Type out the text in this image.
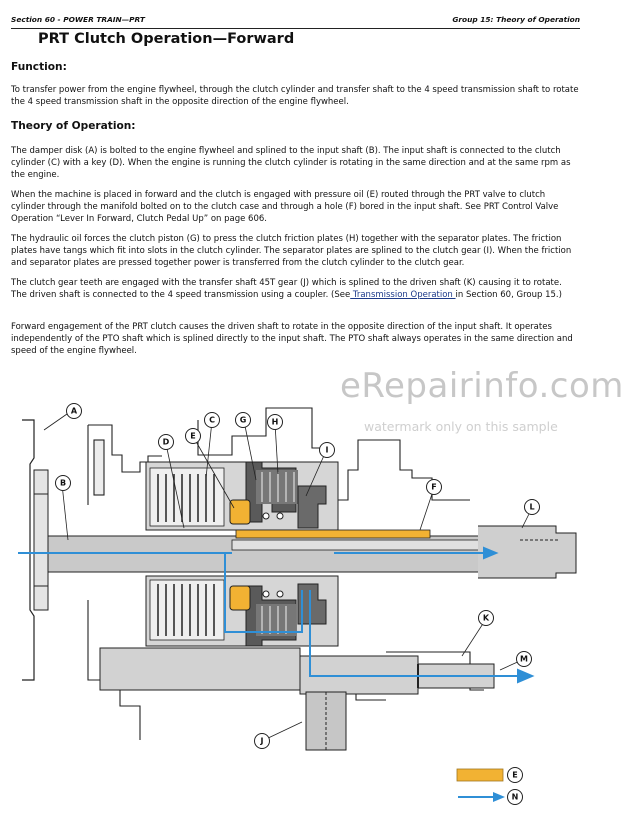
Section 60 - POWER TRAIN—PRT	Group 15: Theory of Operation
PRT Clutch Operation—Forward
Function:

To transfer power from the engine flywheel, through the clutch cylinder and transfer shaft to the 4 speed transmission shaft to rotate the 4 speed transmission shaft in the opposite direction of the engine flywheel.

Theory of Operation:

The damper disk (A) is bolted to the engine flywheel and splined to the input shaft (B). The input shaft is connected to the clutch cylinder (C) with a key (D). When the engine is running the clutch cylinder is rotating in the same direction and at the same rpm as the engine.

When the machine is placed in forward and the clutch is engaged with pressure oil (E) routed through the PRT valve to clutch cylinder through the manifold bolted on to the clutch case and through a hole (F) bored in the input shaft. See PRT Control Valve Operation “Lever In Forward, Clutch Pedal Up” on page 606.

The hydraulic oil forces the clutch piston (G) to press the clutch friction plates (H) together with the separator plates. The friction plates have tangs which fit into slots in the clutch cylinder. The separator plates are splined to the clutch gear (I). When the friction and separator plates are pressed together power is transferred from the clutch cylinder to the clutch gear.

The clutch gear teeth are engaged with the transfer shaft 45T gear (J) which is splined to the driven shaft (K) causing it to rotate. The driven shaft is connected to the 4 speed transmission using a coupler. (See Transmission Operation in Section 60, Group 15.)

Forward engagement of the PRT clutch causes the driven shaft to rotate in the opposite direction of the input shaft. It operates independently of the PTO shaft which is splined directly to the input shaft. The PTO shaft always operates in the same direction and speed of the engine flywheel.

A
B
C
D
E
F
G	H
I
J
K
L
M
E
N
eRepairinfo.com
watermark only on this sample
